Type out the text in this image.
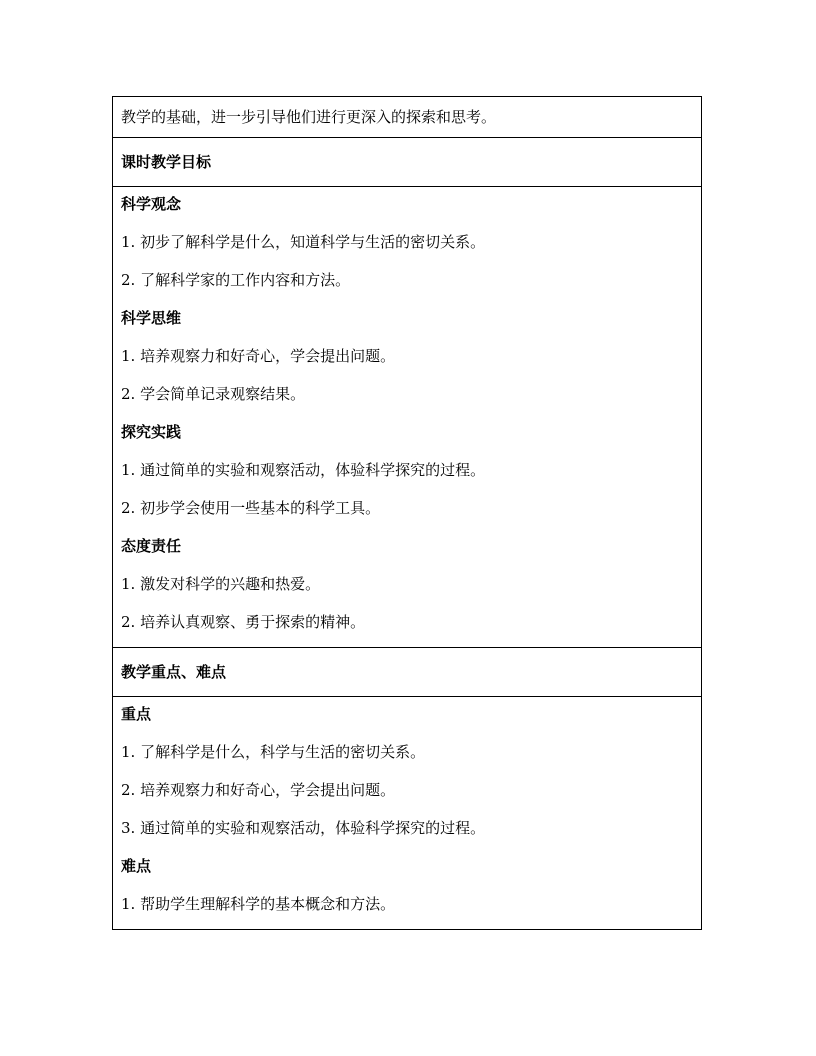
教学的基础，进一步引导他们进行更深入的探索和思考。
课时教学目标
科学观念
1. 初步了解科学是什么，知道科学与生活的密切关系。
2. 了解科学家的工作内容和方法。
科学思维
1. 培养观察力和好奇心，学会提出问题。
2. 学会简单记录观察结果。
探究实践
1. 通过简单的实验和观察活动，体验科学探究的过程。
2. 初步学会使用一些基本的科学工具。
态度责任
1. 激发对科学的兴趣和热爱。
2. 培养认真观察、勇于探索的精神。
教学重点、难点
重点
1. 了解科学是什么，科学与生活的密切关系。
2. 培养观察力和好奇心，学会提出问题。
3. 通过简单的实验和观察活动，体验科学探究的过程。
难点
1. 帮助学生理解科学的基本概念和方法。
